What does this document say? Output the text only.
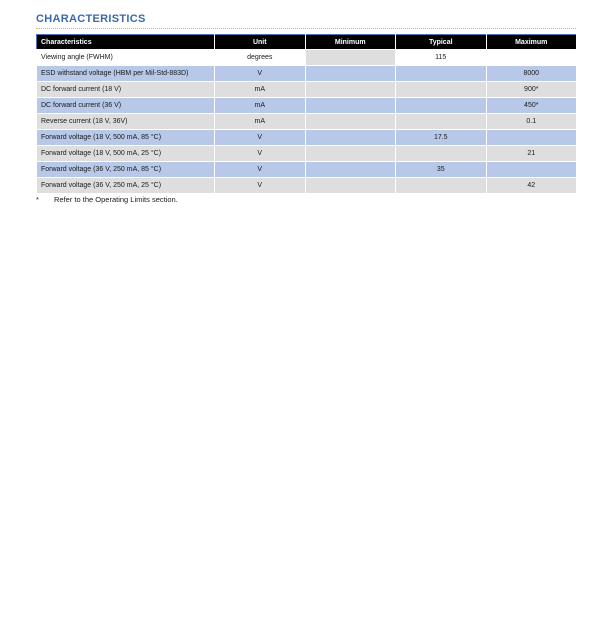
CHARACTERISTICS
Characteristics	Unit	Minimum	Typical	Maximum
Viewing angle (FWHM)	degrees		115	
ESD withstand voltage (HBM per Mil-Std-883D)	V			8000
DC forward current (18 V)	mA			900*
DC forward current (36 V)	mA			450*
Reverse current (18 V, 36V)	mA			0.1
Forward voltage (18 V, 500 mA, 85 °C)	V		17.5	
Forward voltage (18 V, 500 mA, 25 °C)	V			21
Forward voltage (36 V, 250 mA, 85 °C)	V		35	
Forward voltage (36 V, 250 mA, 25 °C)	V			42
* Refer to the Operating Limits section.
